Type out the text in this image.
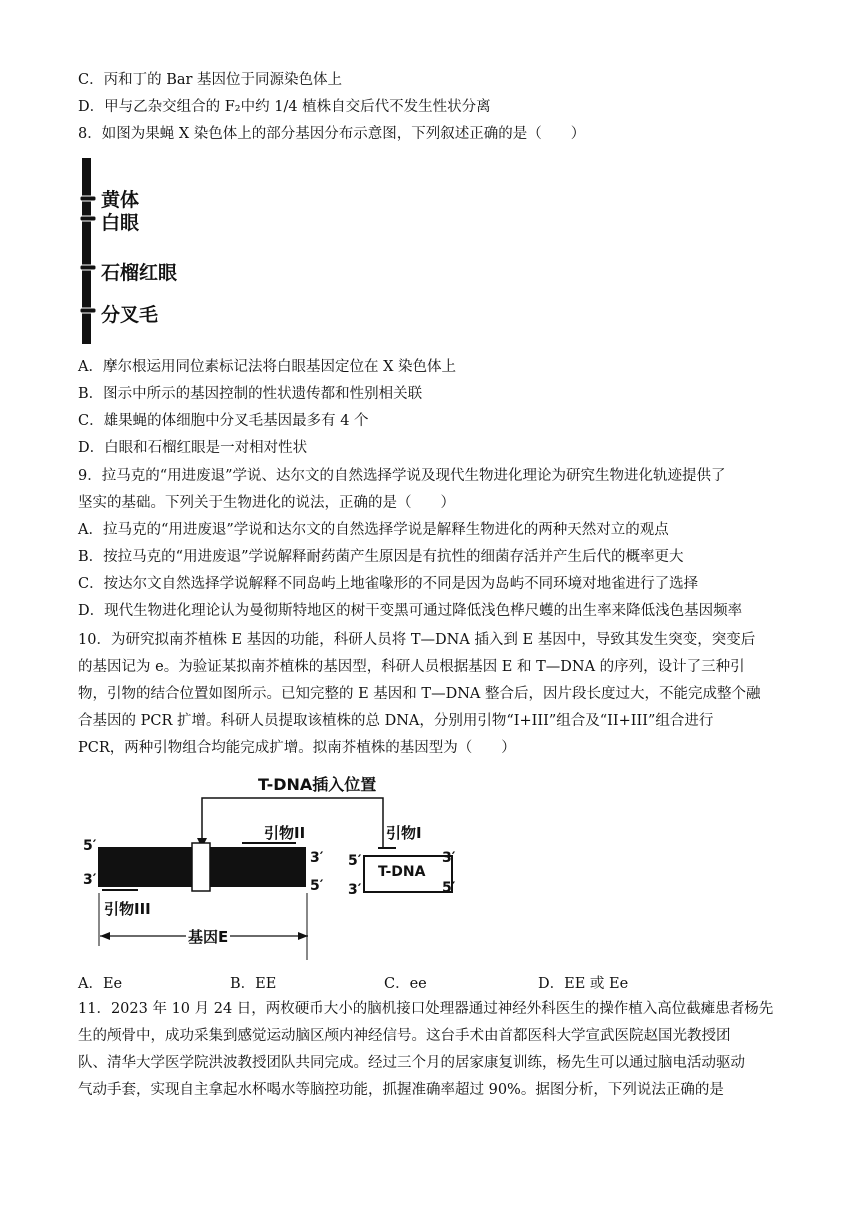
C．丙和丁的 Bar 基因位于同源染色体上
D．甲与乙杂交组合的 F₂中约 1/4 植株自交后代不发生性状分离
8．如图为果蝇 X 染色体上的部分基因分布示意图，下列叙述正确的是（　　）
黄体
白眼
石榴红眼
分叉毛
A．摩尔根运用同位素标记法将白眼基因定位在 X 染色体上
B．图示中所示的基因控制的性状遗传都和性别相关联
C．雄果蝇的体细胞中分叉毛基因最多有 4 个
D．白眼和石榴红眼是一对相对性状
9．拉马克的“用进废退”学说、达尔文的自然选择学说及现代生物进化理论为研究生物进化轨迹提供了
坚实的基础。下列关于生物进化的说法，正确的是（　　）
A．拉马克的“用进废退”学说和达尔文的自然选择学说是解释生物进化的两种天然对立的观点
B．按拉马克的“用进废退”学说解释耐药菌产生原因是有抗性的细菌存活并产生后代的概率更大
C．按达尔文自然选择学说解释不同岛屿上地雀喙形的不同是因为岛屿不同环境对地雀进行了选择
D．现代生物进化理论认为曼彻斯特地区的树干变黑可通过降低浅色桦尺蠖的出生率来降低浅色基因频率
10．为研究拟南芥植株 E 基因的功能，科研人员将 T—DNA 插入到 E 基因中，导致其发生突变，突变后
的基因记为 e。为验证某拟南芥植株的基因型，科研人员根据基因 E 和 T—DNA 的序列，设计了三种引
物，引物的结合位置如图所示。已知完整的 E 基因和 T—DNA 整合后，因片段长度过大，不能完成整个融
合基因的 PCR 扩增。科研人员提取该植株的总 DNA，分别用引物“I+III”组合及“II+III”组合进行
PCR，两种引物组合均能完成扩增。拟南芥植株的基因型为（　　）
T-DNA插入位置
引物II	引物I
引物III
基因E
5′
3′
3′
5′
5′
3′
3′
5′
T-DNA
A．Ee	B．EE	C．ee	D．EE 或 Ee
11．2023 年 10 月 24 日，两枚硬币大小的脑机接口处理器通过神经外科医生的操作植入高位截瘫患者杨先
生的颅骨中，成功采集到感觉运动脑区颅内神经信号。这台手术由首都医科大学宣武医院赵国光教授团
队、清华大学医学院洪波教授团队共同完成。经过三个月的居家康复训练，杨先生可以通过脑电活动驱动
气动手套，实现自主拿起水杯喝水等脑控功能，抓握准确率超过 90%。据图分析，下列说法正确的是
